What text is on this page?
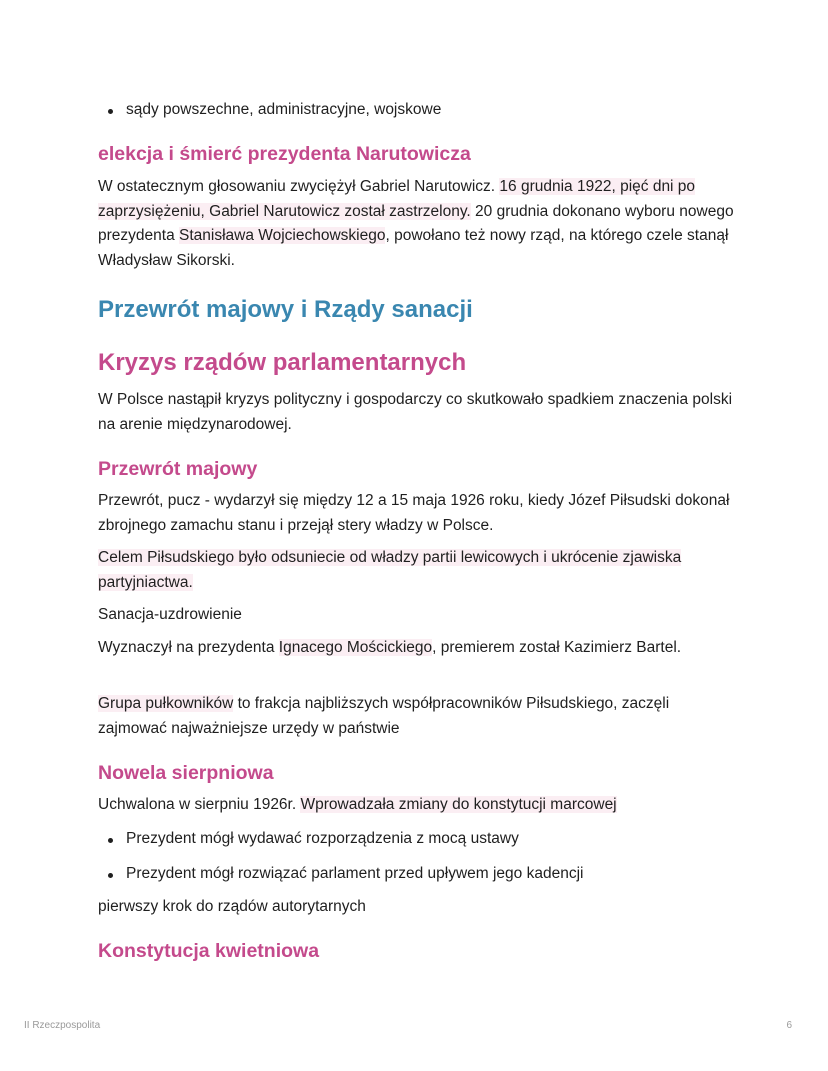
sądy powszechne, administracyjne, wojskowe
elekcja i śmierć prezydenta Narutowicza

W ostatecznym głosowaniu zwyciężył Gabriel Narutowicz. 16 grudnia 1922, pięć dni po zaprzysiężeniu, Gabriel Narutowicz został zastrzelony. 20 grudnia dokonano wyboru nowego prezydenta Stanisława Wojciechowskiego, powołano też nowy rząd, na którego czele stanął Władysław Sikorski.

Przewrót majowy i Rządy sanacji
Kryzys rządów parlamentarnych

W Polsce nastąpił kryzys polityczny i gospodarczy co skutkowało spadkiem znaczenia polski na arenie międzynarodowej.

Przewrót majowy

Przewrót, pucz - wydarzył się między 12 a 15 maja 1926 roku, kiedy Józef Piłsudski dokonał zbrojnego zamachu stanu i przejął stery władzy w Polsce.

Celem Piłsudskiego było odsuniecie od władzy partii lewicowych i ukrócenie zjawiska partyjniactwa.

Sanacja-uzdrowienie

Wyznaczył na prezydenta Ignacego Mościckiego, premierem został Kazimierz Bartel.

Grupa pułkowników to frakcja najbliższych współpracowników Piłsudskiego, zaczęli zajmować najważniejsze urzędy w państwie

Nowela sierpniowa

Uchwalona w sierpniu 1926r. Wprowadzała zmiany do konstytucji marcowej

Prezydent mógł wydawać rozporządzenia z mocą ustawy
Prezydent mógł rozwiązać parlament przed upływem jego kadencji

pierwszy krok do rządów autorytarnych

Konstytucja kwietniowa
II Rzeczpospolita	6
